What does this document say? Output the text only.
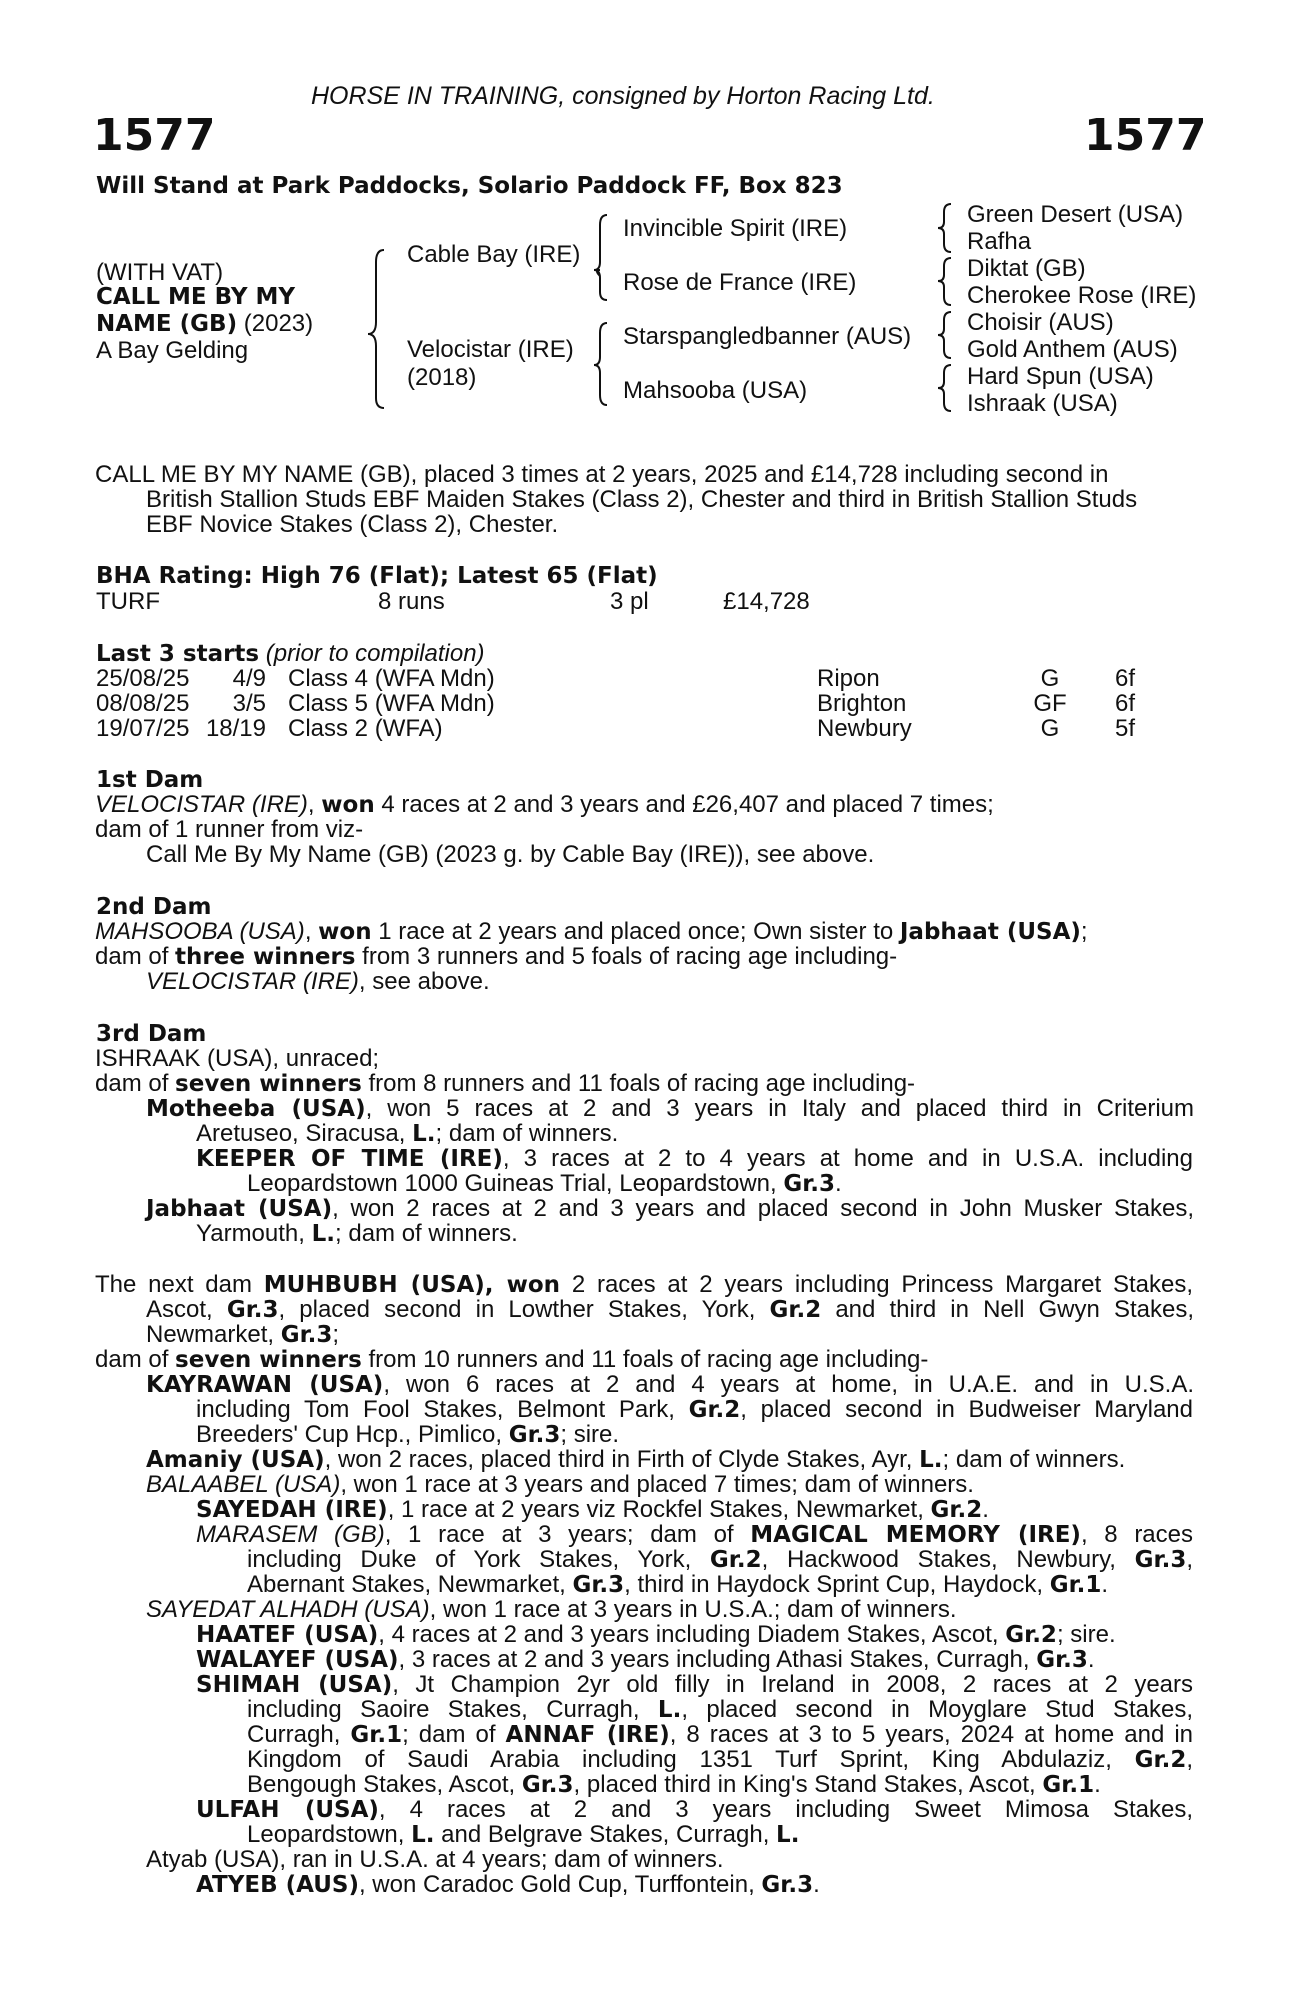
HORSE IN TRAINING, consigned by Horton Racing Ltd.
1577	1577
Will Stand at Park Paddocks, Solario Paddock FF, Box 823
(WITH VAT)
CALL ME BY MY
NAME (GB) (2023)
A Bay Gelding
Cable Bay (IRE)
Velocistar (IRE)
(2018)
Invincible Spirit (IRE)
Rose de France (IRE)
Starspangledbanner (AUS)
Mahsooba (USA)
Green Desert (USA)
Rafha
Diktat (GB)
Cherokee Rose (IRE)
Choisir (AUS)
Gold Anthem (AUS)
Hard Spun (USA)
Ishraak (USA)
CALL ME BY MY NAME (GB), placed 3 times at 2 years, 2025 and £14,728 including second in
British Stallion Studs EBF Maiden Stakes (Class 2), Chester and third in British Stallion Studs
EBF Novice Stakes (Class 2), Chester.
BHA Rating: High 76 (Flat); Latest 65 (Flat)
TURF	8 runs	3 pl	£14,728
Last 3 starts (prior to compilation)
25/08/25	4/9 Class 4 (WFA Mdn)	Ripon	G	6f
08/08/25	3/5 Class 5 (WFA Mdn)	Brighton	GF 6f
19/07/25 18/19 Class 2 (WFA)	Newbury	G	5f
1st Dam
VELOCISTAR (IRE), won 4 races at 2 and 3 years and £26,407 and placed 7 times;
dam of 1 runner from viz-
Call Me By My Name (GB) (2023 g. by Cable Bay (IRE)), see above.
2nd Dam
MAHSOOBA (USA), won 1 race at 2 years and placed once; Own sister to Jabhaat (USA);
dam of three winners from 3 runners and 5 foals of racing age including-
VELOCISTAR (IRE), see above.
3rd Dam
ISHRAAK (USA), unraced;
dam of seven winners from 8 runners and 11 foals of racing age including-
Motheeba (USA), won 5 races at 2 and 3 years in Italy and placed third in Criterium
Aretuseo, Siracusa, L.; dam of winners.
KEEPER OF TIME (IRE), 3 races at 2 to 4 years at home and in U.S.A. including
Leopardstown 1000 Guineas Trial, Leopardstown, Gr.3.
Jabhaat (USA), won 2 races at 2 and 3 years and placed second in John Musker Stakes,
Yarmouth, L.; dam of winners.
The next dam MUHBUBH (USA), won 2 races at 2 years including Princess Margaret Stakes,
Ascot, Gr.3, placed second in Lowther Stakes, York, Gr.2 and third in Nell Gwyn Stakes,
Newmarket, Gr.3;
dam of seven winners from 10 runners and 11 foals of racing age including-
KAYRAWAN (USA), won 6 races at 2 and 4 years at home, in U.A.E. and in U.S.A.
including Tom Fool Stakes, Belmont Park, Gr.2, placed second in Budweiser Maryland
Breeders' Cup Hcp., Pimlico, Gr.3; sire.
Amaniy (USA), won 2 races, placed third in Firth of Clyde Stakes, Ayr, L.; dam of winners.
BALAABEL (USA), won 1 race at 3 years and placed 7 times; dam of winners.
SAYEDAH (IRE), 1 race at 2 years viz Rockfel Stakes, Newmarket, Gr.2.
MARASEM (GB), 1 race at 3 years; dam of MAGICAL MEMORY (IRE), 8 races
including Duke of York Stakes, York, Gr.2, Hackwood Stakes, Newbury, Gr.3,
Abernant Stakes, Newmarket, Gr.3, third in Haydock Sprint Cup, Haydock, Gr.1.
SAYEDAT ALHADH (USA), won 1 race at 3 years in U.S.A.; dam of winners.
HAATEF (USA), 4 races at 2 and 3 years including Diadem Stakes, Ascot, Gr.2; sire.
WALAYEF (USA), 3 races at 2 and 3 years including Athasi Stakes, Curragh, Gr.3.
SHIMAH (USA), Jt Champion 2yr old filly in Ireland in 2008, 2 races at 2 years
including Saoire Stakes, Curragh, L., placed second in Moyglare Stud Stakes,
Curragh, Gr.1; dam of ANNAF (IRE), 8 races at 3 to 5 years, 2024 at home and in
Kingdom of Saudi Arabia including 1351 Turf Sprint, King Abdulaziz, Gr.2,
Bengough Stakes, Ascot, Gr.3, placed third in King's Stand Stakes, Ascot, Gr.1.
ULFAH (USA), 4 races at 2 and 3 years including Sweet Mimosa Stakes,
Leopardstown, L. and Belgrave Stakes, Curragh, L.
Atyab (USA), ran in U.S.A. at 4 years; dam of winners.
ATYEB (AUS), won Caradoc Gold Cup, Turffontein, Gr.3.
